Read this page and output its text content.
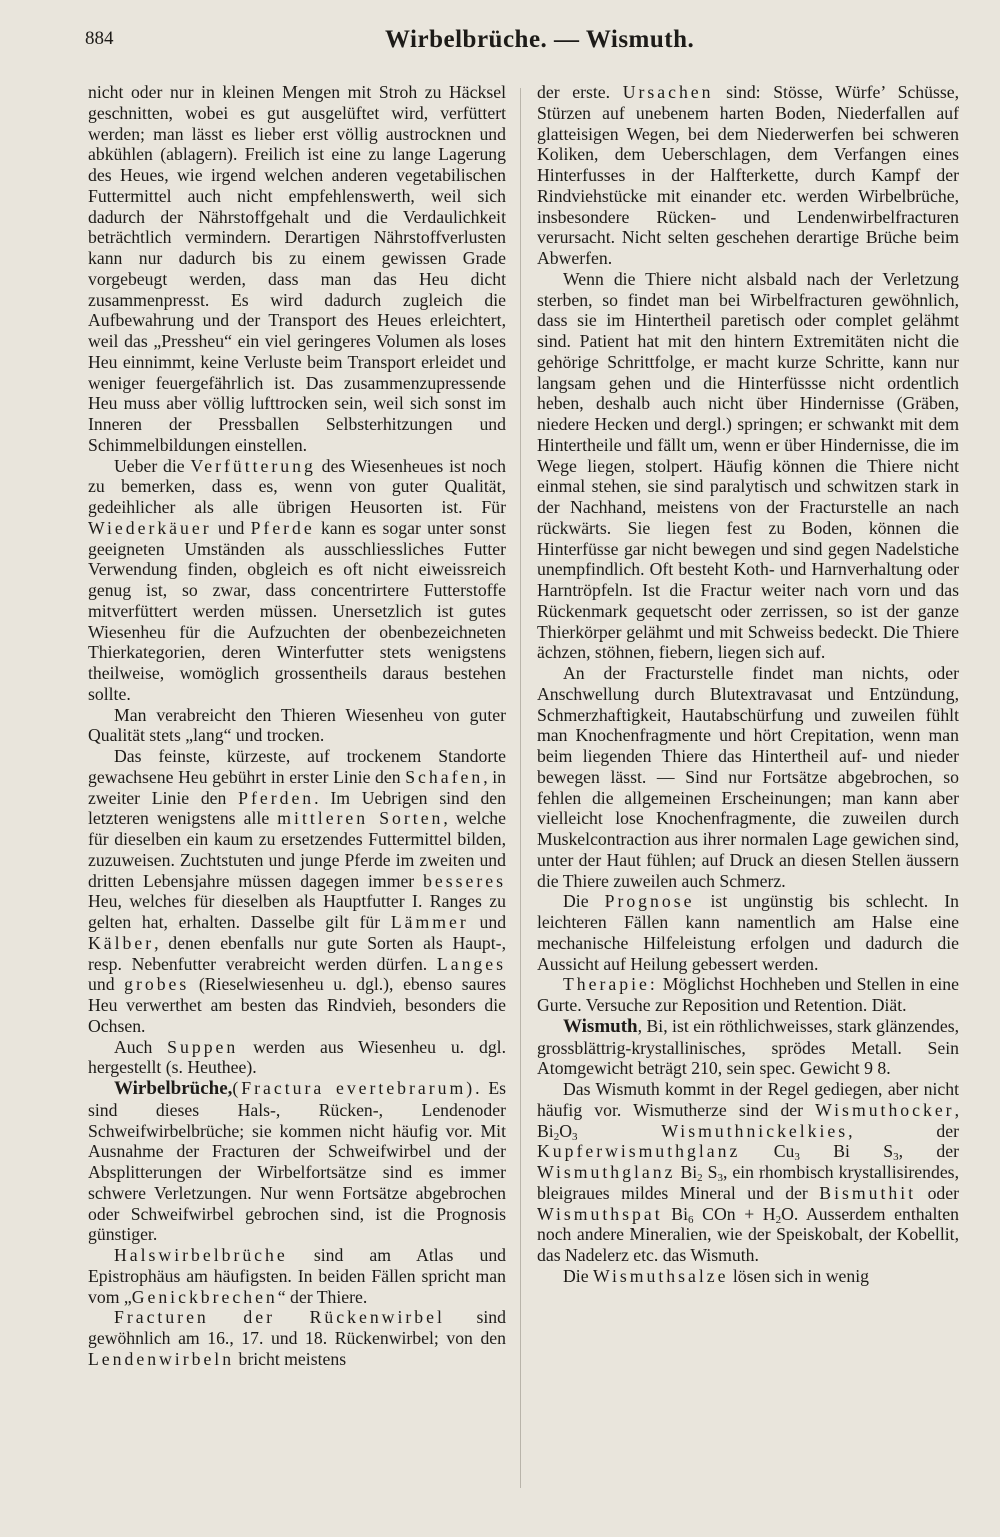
884	Wirbelbrüche. — Wismuth.

nicht oder nur in kleinen Mengen mit Stroh zu Häcksel geschnitten, wobei es gut ausgelüftet wird, verfüttert werden; man lässt es lieber erst völlig austrocknen und abkühlen (ablagern). Freilich ist eine zu lange Lagerung des Heues, wie irgend welchen anderen vegetabilischen Futtermittel auch nicht empfehlenswerth, weil sich dadurch der Nährstoffgehalt und die Verdaulichkeit beträchtlich vermindern. Derartigen Nährstoffverlusten kann nur dadurch bis zu einem gewissen Grade vorgebeugt werden, dass man das Heu dicht zusammenpresst. Es wird dadurch zugleich die Aufbewahrung und der Transport des Heues erleichtert, weil das „Pressheu“ ein viel geringeres Volumen als loses Heu einnimmt, keine Verluste beim Transport erleidet und weniger feuergefährlich ist. Das zusammenzupressende Heu muss aber völlig lufttrocken sein, weil sich sonst im Inneren der Pressballen Selbsterhitzungen und Schimmelbildungen einstellen.

Ueber die Verfütterung des Wiesenheues ist noch zu bemerken, dass es, wenn von guter Qualität, gedeihlicher als alle übrigen Heusorten ist. Für Wiederkäuer und Pferde kann es sogar unter sonst geeigneten Umständen als ausschliessliches Futter Verwendung finden, obgleich es oft nicht eiweissreich genug ist, so zwar, dass concentrirtere Futterstoffe mitverfüttert werden müssen. Unersetzlich ist gutes Wiesenheu für die Aufzuchten der obenbezeichneten Thierkategorien, deren Winterfutter stets wenigstens theilweise, womöglich grossentheils daraus bestehen sollte.

Man verabreicht den Thieren Wiesenheu von guter Qualität stets „lang“ und trocken.

Das feinste, kürzeste, auf trockenem Standorte gewachsene Heu gebührt in erster Linie den Schafen, in zweiter Linie den Pferden. Im Uebrigen sind den letzteren wenigstens alle mittleren Sorten, welche für dieselben ein kaum zu ersetzendes Futtermittel bilden, zuzuweisen. Zuchtstuten und junge Pferde im zweiten und dritten Lebensjahre müssen dagegen immer besseres Heu, welches für dieselben als Hauptfutter I. Ranges zu gelten hat, erhalten. Dasselbe gilt für Lämmer und Kälber, denen ebenfalls nur gute Sorten als Haupt-, resp. Nebenfutter verabreicht werden dürfen. Langes und grobes (Rieselwiesenheu u. dgl.), ebenso saures Heu verwerthet am besten das Rindvieh, besonders die Ochsen.

Auch Suppen werden aus Wiesenheu u. dgl. hergestellt (s. Heuthee).

Wirbelbrüche,(Fractura evertebrarum). Es sind dieses Hals-, Rücken-, Lendenoder Schweifwirbelbrüche; sie kommen nicht häufig vor. Mit Ausnahme der Fracturen der Schweifwirbel und der Absplitterungen der Wirbelfortsätze sind es immer schwere Verletzungen. Nur wenn Fortsätze abgebrochen oder Schweifwirbel gebrochen sind, ist die Prognosis günstiger.

Halswirbelbrüche sind am Atlas und Epistrophäus am häufigsten. In beiden Fällen spricht man vom „Genickbrechen“ der Thiere.

Fracturen der Rückenwirbel sind gewöhnlich am 16., 17. und 18. Rückenwirbel; von den Lendenwirbeln bricht meistens

der erste. Ursachen sind: Stösse, Würfe’ Schüsse, Stürzen auf unebenem harten Boden, Niederfallen auf glatteisigen Wegen, bei dem Niederwerfen bei schweren Koliken, dem Ueberschlagen, dem Verfangen eines Hinterfusses in der Halfterkette, durch Kampf der Rindviehstücke mit einander etc. werden Wirbelbrüche, insbesondere Rücken- und Lendenwirbelfracturen verursacht. Nicht selten geschehen derartige Brüche beim Abwerfen.

Wenn die Thiere nicht alsbald nach der Verletzung sterben, so findet man bei Wirbelfracturen gewöhnlich, dass sie im Hintertheil paretisch oder complet gelähmt sind. Patient hat mit den hintern Extremitäten nicht die gehörige Schrittfolge, er macht kurze Schritte, kann nur langsam gehen und die Hinterfüssse nicht ordentlich heben, deshalb auch nicht über Hindernisse (Gräben, niedere Hecken und dergl.) springen; er schwankt mit dem Hintertheile und fällt um, wenn er über Hindernisse, die im Wege liegen, stolpert. Häufig können die Thiere nicht einmal stehen, sie sind paralytisch und schwitzen stark in der Nachhand, meistens von der Fracturstelle an nach rückwärts. Sie liegen fest zu Boden, können die Hinterfüsse gar nicht bewegen und sind gegen Nadelstiche unempfindlich. Oft besteht Koth- und Harnverhaltung oder Harntröpfeln. Ist die Fractur weiter nach vorn und das Rückenmark gequetscht oder zerrissen, so ist der ganze Thierkörper gelähmt und mit Schweiss bedeckt. Die Thiere ächzen, stöhnen, fiebern, liegen sich auf.

An der Fracturstelle findet man nichts, oder Anschwellung durch Blutextravasat und Entzündung, Schmerzhaftigkeit, Hautabschürfung und zuweilen fühlt man Knochenfragmente und hört Crepitation, wenn man beim liegenden Thiere das Hintertheil auf- und nieder bewegen lässt. — Sind nur Fortsätze abgebrochen, so fehlen die allgemeinen Erscheinungen; man kann aber vielleicht lose Knochenfragmente, die zuweilen durch Muskelcontraction aus ihrer normalen Lage gewichen sind, unter der Haut fühlen; auf Druck an diesen Stellen äussern die Thiere zuweilen auch Schmerz.

Die Prognose ist ungünstig bis schlecht. In leichteren Fällen kann namentlich am Halse eine mechanische Hilfeleistung erfolgen und dadurch die Aussicht auf Heilung gebessert werden.

Therapie: Möglichst Hochheben und Stellen in eine Gurte. Versuche zur Reposition und Retention. Diät.

Wismuth, Bi, ist ein röthlichweisses, stark glänzendes, grossblättrig-krystallinisches, sprödes Metall. Sein Atomgewicht beträgt 210, sein spec. Gewicht 9 8.

Das Wismuth kommt in der Regel gediegen, aber nicht häufig vor. Wismutherze sind der Wismuthocker, $Bi_2O_3$	Wismuthnickelkies, der Kupferwismuthglanz $Cu_3$ Bi $S_3$, der Wismuthglanz $Bi_2$ $S_3$, ein rhombisch krystallisirendes, bleigraues mildes Mineral und der Bismuthit oder Wismuthspat $Bi_6$ COn + $H_2O$. Ausserdem enthalten noch andere Mineralien, wie der Speiskobalt, der Kobellit, das Nadelerz etc. das Wismuth.

Die Wismuthsalze lösen sich in wenig
